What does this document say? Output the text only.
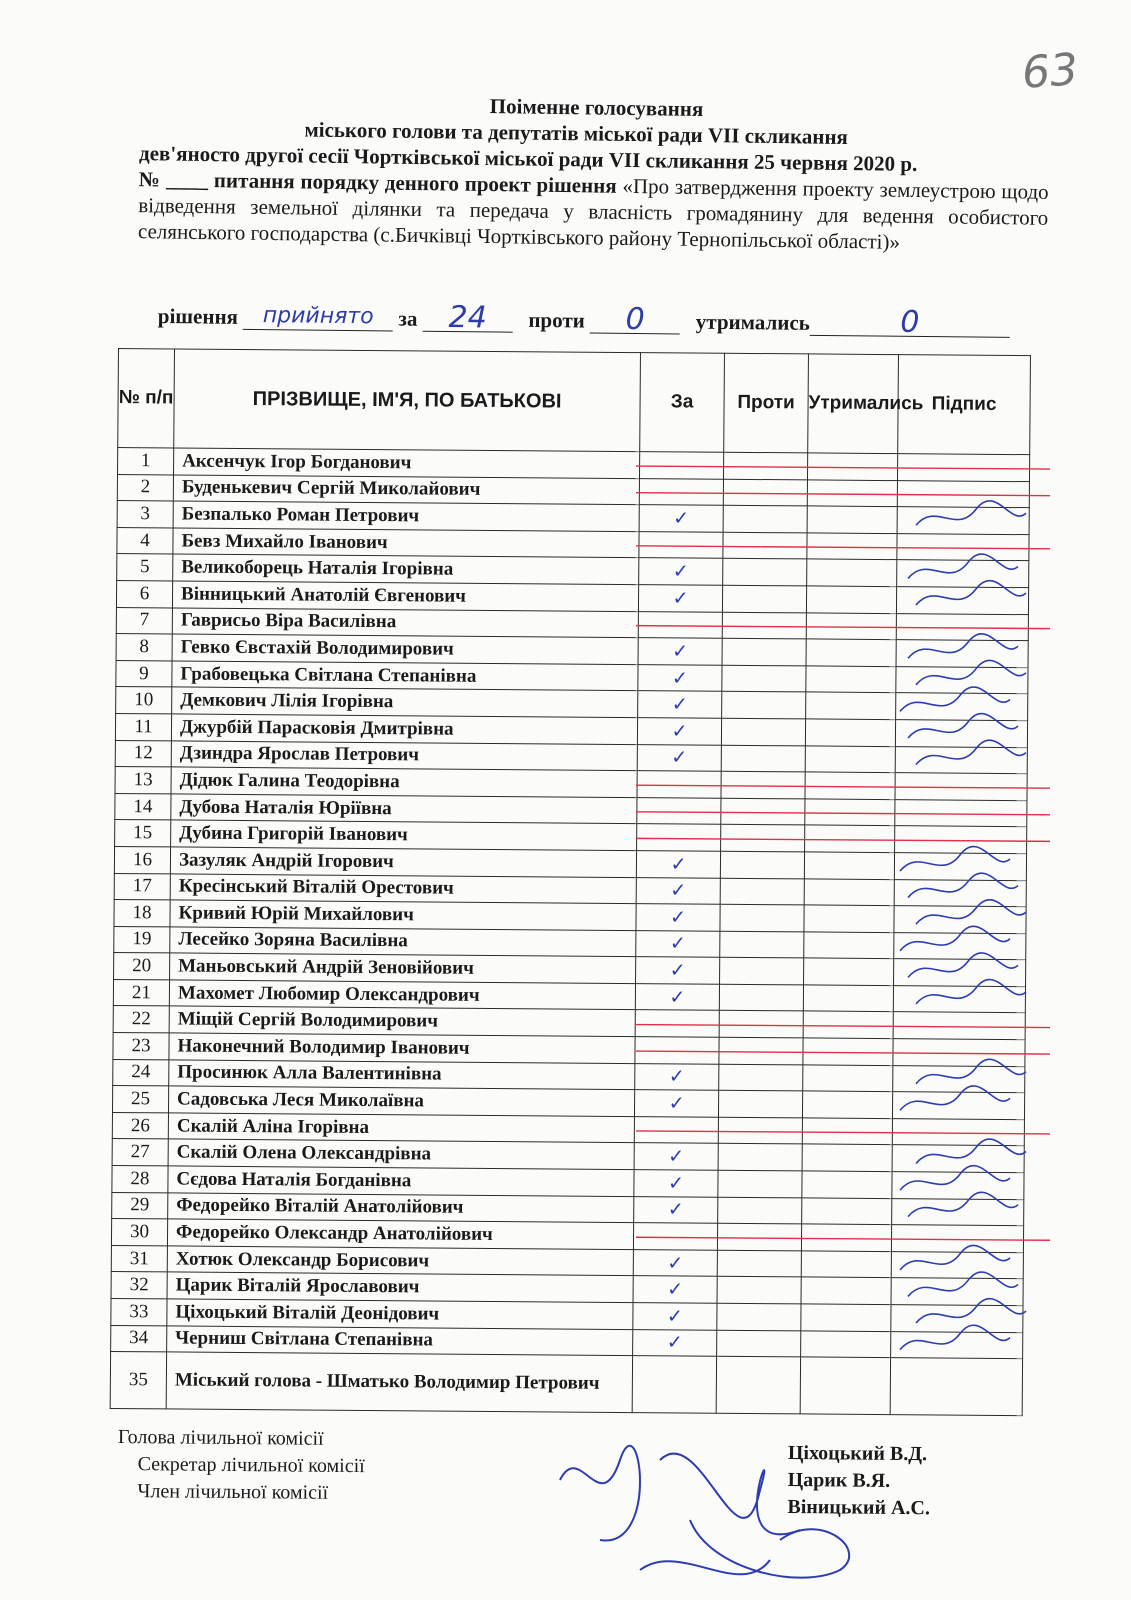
63
Поіменне голосування
міського голови та депутатів міської ради VII скликання
дев'яносто другої сесії Чортківської міської ради VII скликання 25 червня 2020 р.
№ ____ питання порядку денного проект рішення «Про затвердження проекту землеустрою щодо відведення земельної ділянки та передача у власність громадянину для ведення особистого селянського господарства (с.Бичківці Чортківського району Тернопільської області)»
рішення прийнято за 24 проти 0 утримались	0
№ п/п	ПРІЗВИЩЕ, ІМ'Я, ПО БАТЬКОВІ	За	Проти	Утримались	Підпис
1	Аксенчук Ігор Богданович				
2	Буденькевич Сергій Миколайович				
3	Безпалько Роман Петрович	✓			
4	Бевз Михайло Іванович				
5	Великоборець Наталія Ігорівна	✓			
6	Вінницький Анатолій Євгенович	✓			
7	Гаврисьо Віра Василівна				
8	Гевко Євстахій Володимирович	✓			
9	Грабовецька Світлана Степанівна	✓			
10	Демкович Лілія Ігорівна	✓			
11	Джурбій Парасковія Дмитрівна	✓			
12	Дзиндра Ярослав Петрович	✓			
13	Дідюк Галина Теодорівна				
14	Дубова Наталія Юріївна				
15	Дубина Григорій Іванович				
16	Зазуляк Андрій Ігорович	✓			
17	Кресінський Віталій Орестович	✓			
18	Кривий Юрій Михайлович	✓			
19	Лесейко Зоряна Василівна	✓			
20	Маньовський Андрій Зеновійович	✓			
21	Махомет Любомир Олександрович	✓			
22	Міщій Сергій Володимирович				
23	Наконечний Володимир Іванович				
24	Просинюк Алла Валентинівна	✓			
25	Садовська Леся Миколаївна	✓			
26	Скалій Аліна Ігорівна				
27	Скалій Олена Олександрівна	✓			
28	Сєдова Наталія Богданівна	✓			
29	Федорейко Віталій Анатолійович	✓			
30	Федорейко Олександр Анатолійович				
31	Хотюк Олександр Борисович	✓			
32	Царик Віталій Ярославович	✓			
33	Ціхоцький Віталій Деонідович	✓			
34	Черниш Світлана Степанівна	✓			
35	Міський голова - Шматько Володимир Петрович				
Голова лічильної комісії
Секретар лічильної комісії
Член лічильної комісії
Ціхоцький В.Д.
Царик В.Я.
Віницький А.С.
